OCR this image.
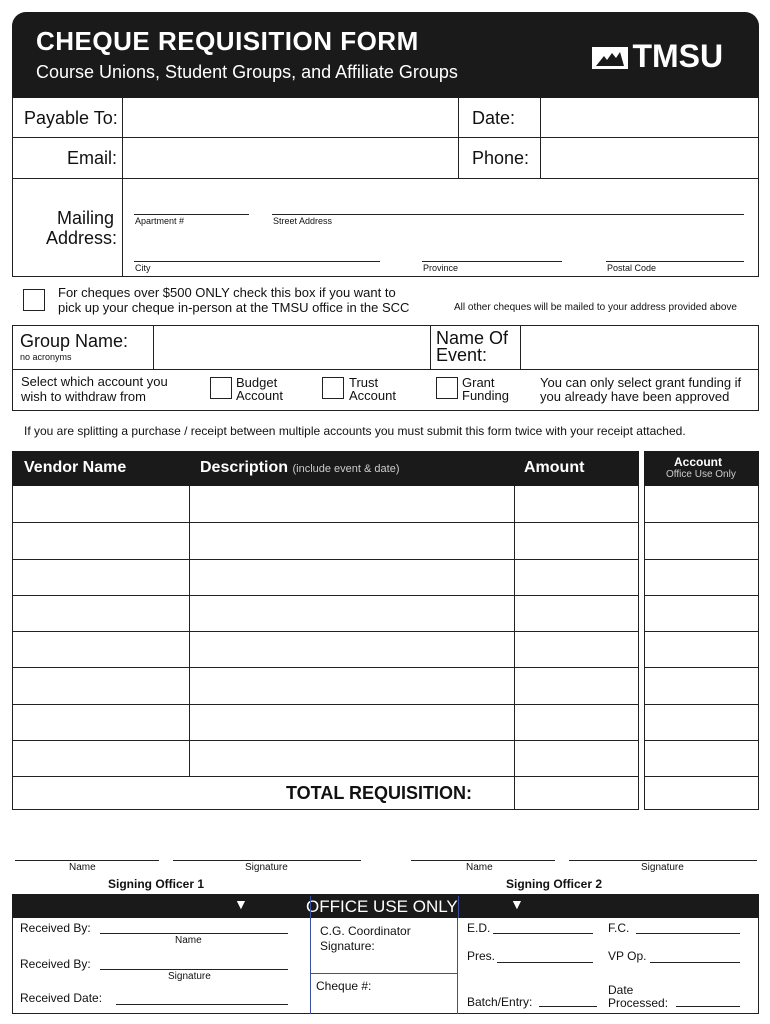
CHEQUE REQUISITION FORM
Course Unions, Student Groups, and Affiliate Groups	TMSU
Payable To:	Date:
Email:	Phone:
Mailing
Address:
Apartment #	Street Address
City	Province	Postal Code
For cheques over $500 ONLY check this box if you want to
pick up your cheque in-person at the TMSU office in the SCC	All other cheques will be mailed to your address provided above
Group Name:
no acronyms
Name Of
Event:
Select which account you
wish to withdraw from
Budget
Account
Trust
Account
Grant
Funding
You can only select grant funding if
you already have been approved
If you are splitting a purchase / receipt between multiple accounts you must submit this form twice with your receipt attached.
Vendor Name	Description (include event & date)	Amount	Account
Office Use Only
TOTAL REQUISITION:
Name	Signature	Name	Signature
Signing Officer 1	Signing Officer 2
▼	OFFICE USE ONLY	▼
Received By:
Name
Received By:
Signature
Received Date:
C.G. Coordinator
Signature:
Cheque #:
E.D.	F.C.
Pres.	VP Op.
Batch/Entry:
Date
Processed:
